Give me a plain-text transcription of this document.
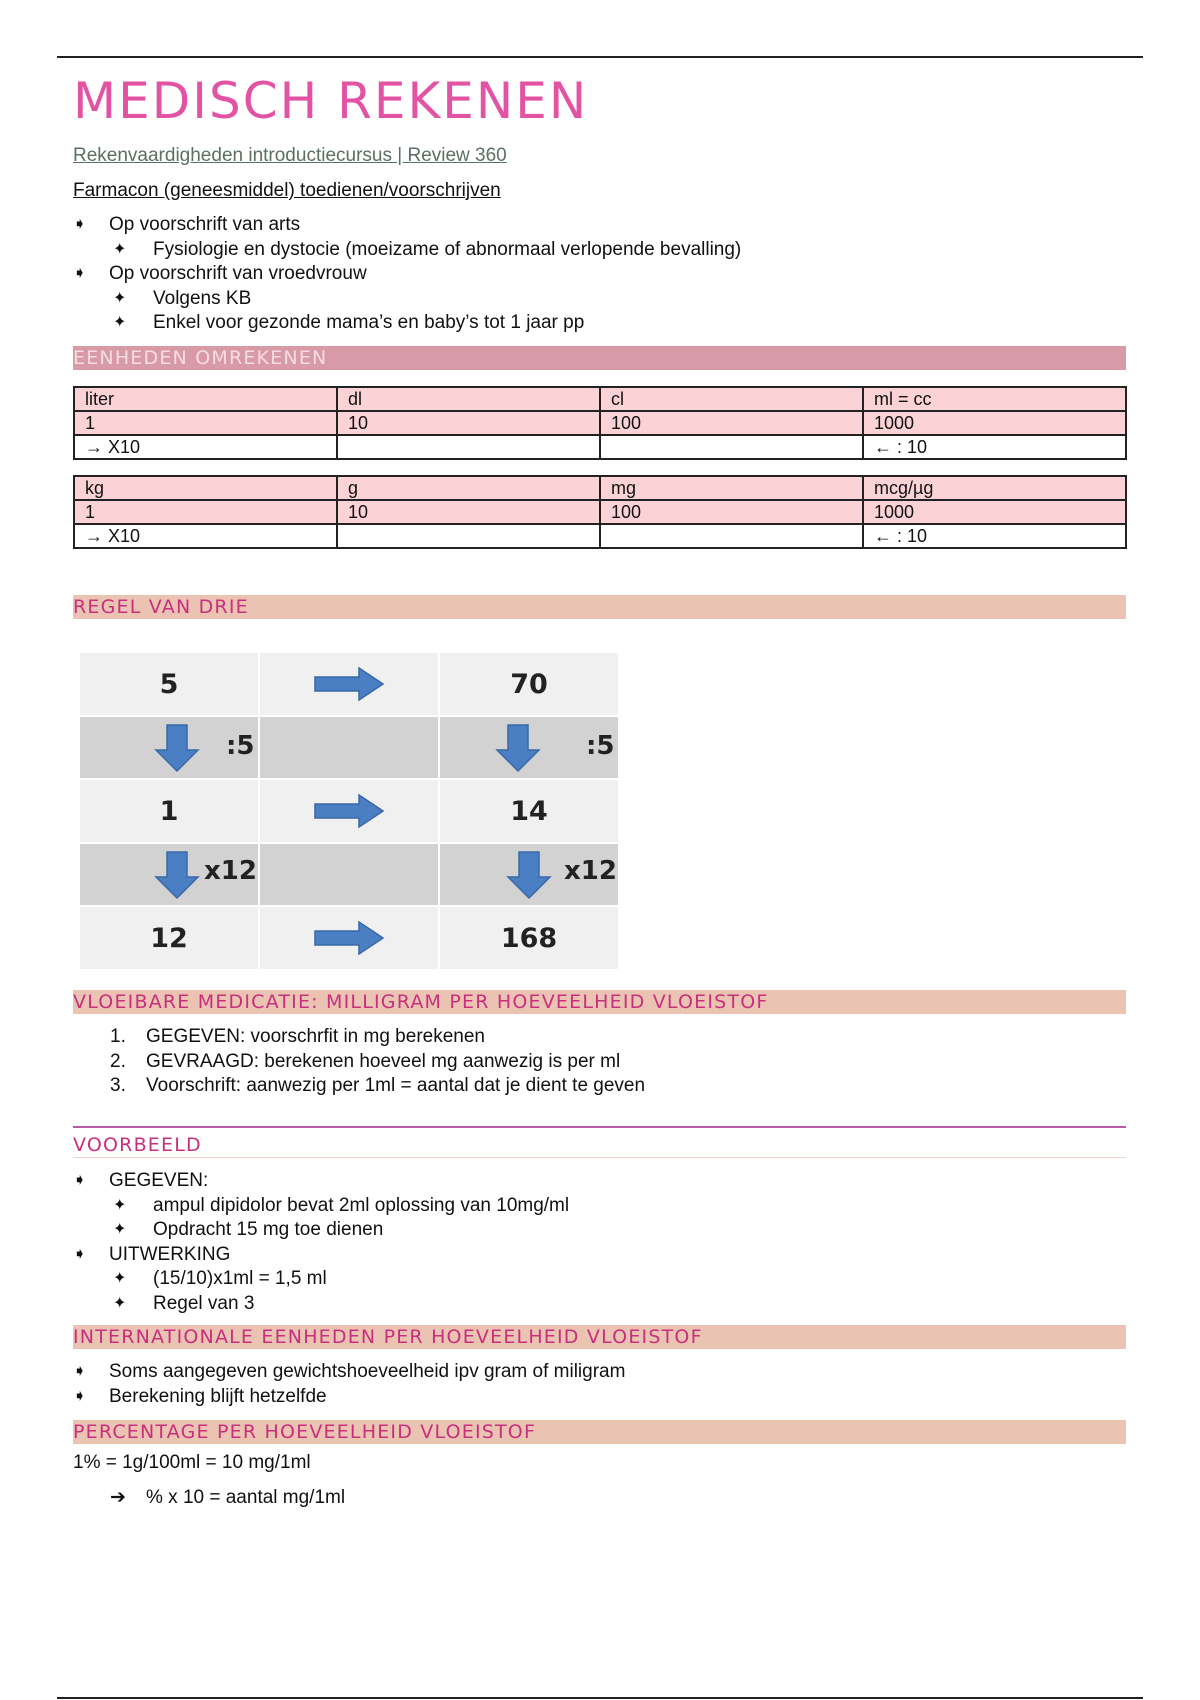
MEDISCH REKENEN
Rekenvaardigheden introductiecursus | Review 360
Farmacon (geneesmiddel) toedienen/voorschrijven
➧ Op voorschrift van arts
✦ Fysiologie en dystocie (moeizame of abnormaal verlopende bevalling)
➧ Op voorschrift van vroedvrouw
✦ Volgens KB
✦ Enkel voor gezonde mama’s en baby’s tot 1 jaar pp
EENHEDEN OMREKENEN
liter	dl	cl	ml = cc
1	10	100	1000
→ X10			← : 10
kg	g	mg	mcg/µg
1	10	100	1000
→ X10			← : 10
REGEL VAN DRIE
5	70
:5	:5
1	14
x12	x12
12	168
VLOEIBARE MEDICATIE: MILLIGRAM PER HOEVEELHEID VLOEISTOF
1. GEGEVEN: voorschrfit in mg berekenen
2. GEVRAAGD: berekenen hoeveel mg aanwezig is per ml
3. Voorschrift: aanwezig per 1ml = aantal dat je dient te geven
VOORBEELD
➧ GEGEVEN:
✦ ampul dipidolor bevat 2ml oplossing van 10mg/ml
✦ Opdracht 15 mg toe dienen
➧ UITWERKING
✦ (15/10)x1ml = 1,5 ml
✦ Regel van 3
INTERNATIONALE EENHEDEN PER HOEVEELHEID VLOEISTOF
➧ Soms aangegeven gewichtshoeveelheid ipv gram of miligram
➧ Berekening blijft hetzelfde
PERCENTAGE PER HOEVEELHEID VLOEISTOF
1% = 1g/100ml = 10 mg/1ml
➔ % x 10 = aantal mg/1ml
